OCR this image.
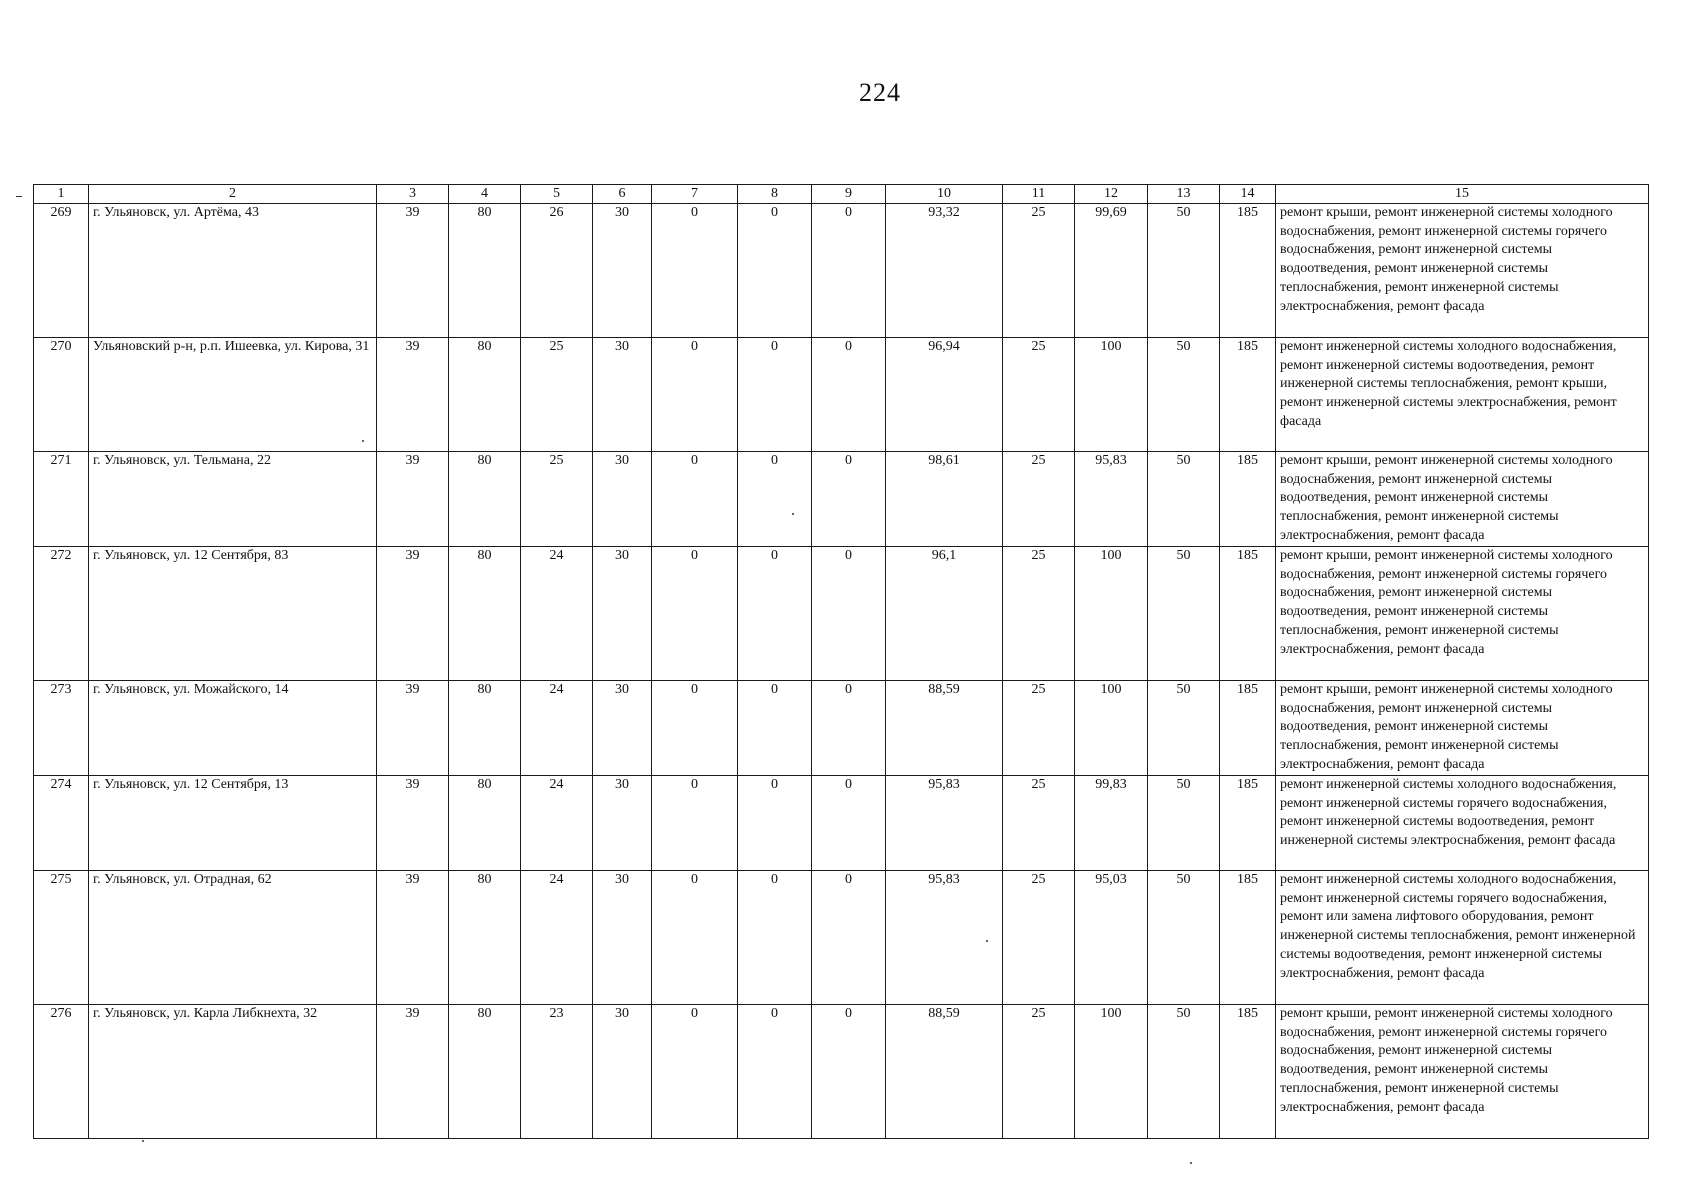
224
1	2	3	4	5	6	7	8	9	10	11	12	13	14	15
269	г. Ульяновск, ул. Артёма, 43	39	80	26	30	0	0	0	93,32	25	99,69	50	185	ремонт крыши, ремонт инженерной системы холодного водоснабжения, ремонт инженерной системы горячего водоснабжения, ремонт инженерной системы водоотведения, ремонт инженерной системы теплоснабжения, ремонт инженерной системы электроснабжения, ремонт фасада
270	Ульяновский р-н, р.п. Ишеевка, ул. Кирова, 31	39	80	25	30	0	0	0	96,94	25	100	50	185	ремонт инженерной системы холодного водоснабжения, ремонт инженерной системы водоотведения, ремонт инженерной системы теплоснабжения, ремонт крыши, ремонт инженерной системы электроснабжения, ремонт фасада
271	г. Ульяновск, ул. Тельмана, 22	39	80	25	30	0	0	0	98,61	25	95,83	50	185	ремонт крыши, ремонт инженерной системы холодного водоснабжения, ремонт инженерной системы водоотведения, ремонт инженерной системы теплоснабжения, ремонт инженерной системы электроснабжения, ремонт фасада
272	г. Ульяновск, ул. 12 Сентября, 83	39	80	24	30	0	0	0	96,1	25	100	50	185	ремонт крыши, ремонт инженерной системы холодного водоснабжения, ремонт инженерной системы горячего водоснабжения, ремонт инженерной системы водоотведения, ремонт инженерной системы теплоснабжения, ремонт инженерной системы электроснабжения, ремонт фасада
273	г. Ульяновск, ул. Можайского, 14	39	80	24	30	0	0	0	88,59	25	100	50	185	ремонт крыши, ремонт инженерной системы холодного водоснабжения, ремонт инженерной системы водоотведения, ремонт инженерной системы теплоснабжения, ремонт инженерной системы электроснабжения, ремонт фасада
274	г. Ульяновск, ул. 12 Сентября, 13	39	80	24	30	0	0	0	95,83	25	99,83	50	185	ремонт инженерной системы холодного водоснабжения, ремонт инженерной системы горячего водоснабжения, ремонт инженерной системы водоотведения, ремонт инженерной системы электроснабжения, ремонт фасада
275	г. Ульяновск, ул. Отрадная, 62	39	80	24	30	0	0	0	95,83	25	95,03	50	185	ремонт инженерной системы холодного водоснабжения, ремонт инженерной системы горячего водоснабжения, ремонт или замена лифтового оборудования, ремонт инженерной системы теплоснабжения, ремонт инженерной системы водоотведения, ремонт инженерной системы электроснабжения, ремонт фасада
276	г. Ульяновск, ул. Карла Либкнехта, 32	39	80	23	30	0	0	0	88,59	25	100	50	185	ремонт крыши, ремонт инженерной системы холодного водоснабжения, ремонт инженерной системы горячего водоснабжения, ремонт инженерной системы водоотведения, ремонт инженерной системы теплоснабжения, ремонт инженерной системы электроснабжения, ремонт фасада
